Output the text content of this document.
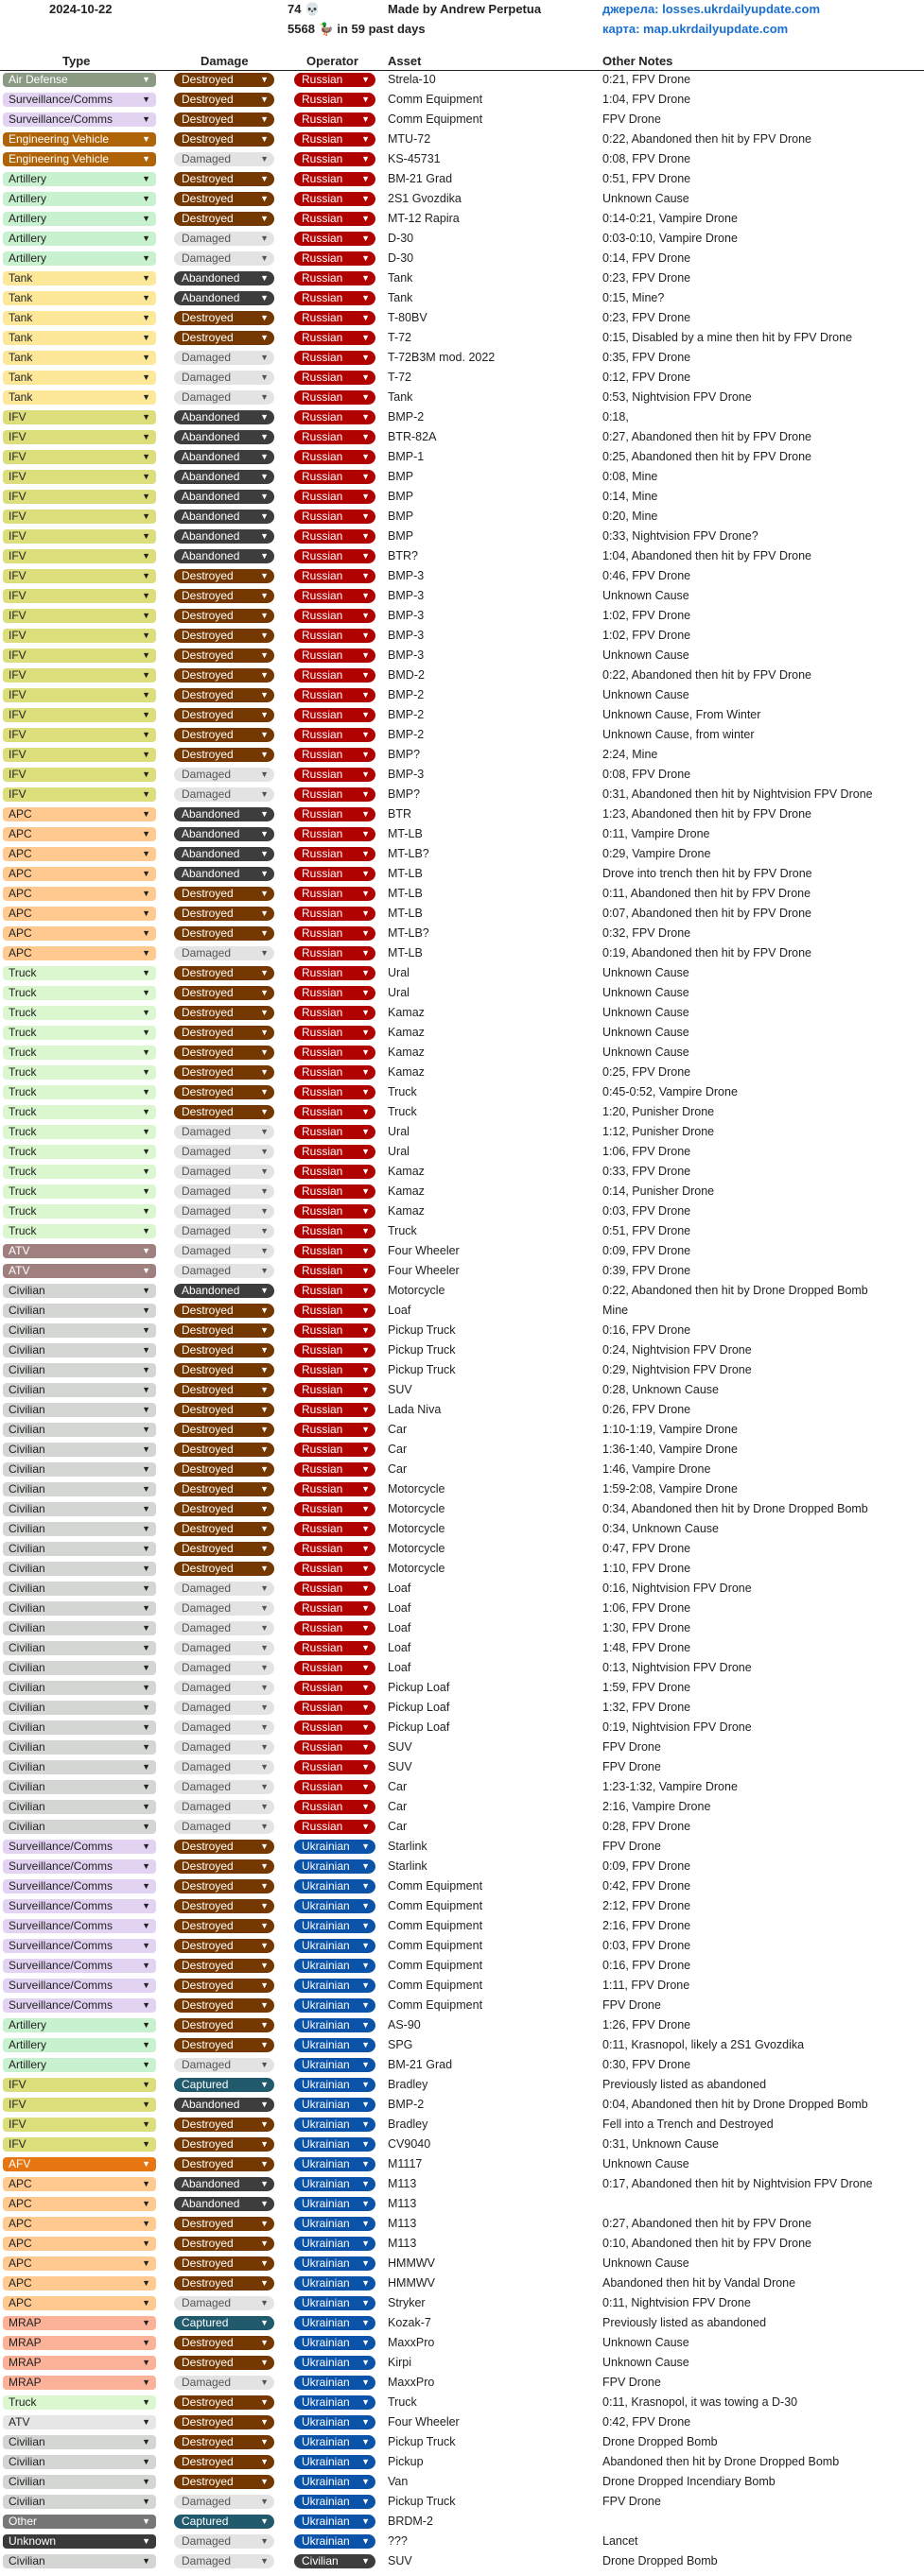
2024-10-22	74 💀
5568 🦆 in 59 past days
Made by Andrew Perpetua	джерела: losses.ukrdailyupdate.com
карта: map.ukrdailyupdate.com
Type	Damage	Operator Asset	Other Notes
Air Defense	▼	Destroyed	▼	Russian ▼ Strela-10	0:21, FPV Drone
Surveillance/Comms	▼	Destroyed	▼	Russian ▼ Comm Equipment	1:04, FPV Drone
Surveillance/Comms	▼	Destroyed	▼	Russian ▼ Comm Equipment	FPV Drone
Engineering Vehicle	▼	Destroyed	▼	Russian ▼ MTU-72	0:22, Abandoned then hit by FPV Drone
Engineering Vehicle	▼	Damaged	▼	Russian ▼ KS-45731	0:08, FPV Drone
Artillery	▼	Destroyed	▼	Russian ▼ BM-21 Grad	0:51, FPV Drone
Artillery	▼	Destroyed	▼	Russian ▼ 2S1 Gvozdika	Unknown Cause
Artillery	▼	Destroyed	▼	Russian ▼ MT-12 Rapira	0:14-0:21, Vampire Drone
Artillery	▼	Damaged	▼	Russian ▼ D-30	0:03-0:10, Vampire Drone
Artillery	▼	Damaged	▼	Russian ▼ D-30	0:14, FPV Drone
Tank	▼	Abandoned ▼	Russian ▼ Tank	0:23, FPV Drone
Tank	▼	Abandoned ▼	Russian ▼ Tank	0:15, Mine?
Tank	▼	Destroyed	▼	Russian ▼ T-80BV	0:23, FPV Drone
Tank	▼	Destroyed	▼	Russian ▼ T-72	0:15, Disabled by a mine then hit by FPV Drone
Tank	▼	Damaged	▼	Russian ▼ T-72B3M mod. 2022	0:35, FPV Drone
Tank	▼	Damaged	▼	Russian ▼ T-72	0:12, FPV Drone
Tank	▼	Damaged	▼	Russian ▼ Tank	0:53, Nightvision FPV Drone
IFV	▼	Abandoned ▼	Russian ▼ BMP-2	0:18,
IFV	▼	Abandoned ▼	Russian ▼ BTR-82A	0:27, Abandoned then hit by FPV Drone
IFV	▼	Abandoned ▼	Russian ▼ BMP-1	0:25, Abandoned then hit by FPV Drone
IFV	▼	Abandoned ▼	Russian ▼ BMP	0:08, Mine
IFV	▼	Abandoned ▼	Russian ▼ BMP	0:14, Mine
IFV	▼	Abandoned ▼	Russian ▼ BMP	0:20, Mine
IFV	▼	Abandoned ▼	Russian ▼ BMP	0:33, Nightvision FPV Drone?
IFV	▼	Abandoned ▼	Russian ▼ BTR?	1:04, Abandoned then hit by FPV Drone
IFV	▼	Destroyed	▼	Russian ▼ BMP-3	0:46, FPV Drone
IFV	▼	Destroyed	▼	Russian ▼ BMP-3	Unknown Cause
IFV	▼	Destroyed	▼	Russian ▼ BMP-3	1:02, FPV Drone
IFV	▼	Destroyed	▼	Russian ▼ BMP-3	1:02, FPV Drone
IFV	▼	Destroyed	▼	Russian ▼ BMP-3	Unknown Cause
IFV	▼	Destroyed	▼	Russian ▼ BMD-2	0:22, Abandoned then hit by FPV Drone
IFV	▼	Destroyed	▼	Russian ▼ BMP-2	Unknown Cause
IFV	▼	Destroyed	▼	Russian ▼ BMP-2	Unknown Cause, From Winter
IFV	▼	Destroyed	▼	Russian ▼ BMP-2	Unknown Cause, from winter
IFV	▼	Destroyed	▼	Russian ▼ BMP?	2:24, Mine
IFV	▼	Damaged	▼	Russian ▼ BMP-3	0:08, FPV Drone
IFV	▼	Damaged	▼	Russian ▼ BMP?	0:31, Abandoned then hit by Nightvision FPV Drone
APC	▼	Abandoned ▼	Russian ▼ BTR	1:23, Abandoned then hit by FPV Drone
APC	▼	Abandoned ▼	Russian ▼ MT-LB	0:11, Vampire Drone
APC	▼	Abandoned ▼	Russian ▼ MT-LB?	0:29, Vampire Drone
APC	▼	Abandoned ▼	Russian ▼ MT-LB	Drove into trench then hit by FPV Drone
APC	▼	Destroyed	▼	Russian ▼ MT-LB	0:11, Abandoned then hit by FPV Drone
APC	▼	Destroyed	▼	Russian ▼ MT-LB	0:07, Abandoned then hit by FPV Drone
APC	▼	Destroyed	▼	Russian ▼ MT-LB?	0:32, FPV Drone
APC	▼	Damaged	▼	Russian ▼ MT-LB	0:19, Abandoned then hit by FPV Drone
Truck	▼	Destroyed	▼	Russian ▼ Ural	Unknown Cause
Truck	▼	Destroyed	▼	Russian ▼ Ural	Unknown Cause
Truck	▼	Destroyed	▼	Russian ▼ Kamaz	Unknown Cause
Truck	▼	Destroyed	▼	Russian ▼ Kamaz	Unknown Cause
Truck	▼	Destroyed	▼	Russian ▼ Kamaz	Unknown Cause
Truck	▼	Destroyed	▼	Russian ▼ Kamaz	0:25, FPV Drone
Truck	▼	Destroyed	▼	Russian ▼ Truck	0:45-0:52, Vampire Drone
Truck	▼	Destroyed	▼	Russian ▼ Truck	1:20, Punisher Drone
Truck	▼	Damaged	▼	Russian ▼ Ural	1:12, Punisher Drone
Truck	▼	Damaged	▼	Russian ▼ Ural	1:06, FPV Drone
Truck	▼	Damaged	▼	Russian ▼ Kamaz	0:33, FPV Drone
Truck	▼	Damaged	▼	Russian ▼ Kamaz	0:14, Punisher Drone
Truck	▼	Damaged	▼	Russian ▼ Kamaz	0:03, FPV Drone
Truck	▼	Damaged	▼	Russian ▼ Truck	0:51, FPV Drone
ATV	▼	Damaged	▼	Russian ▼ Four Wheeler	0:09, FPV Drone
ATV	▼	Damaged	▼	Russian ▼ Four Wheeler	0:39, FPV Drone
Civilian	▼	Abandoned ▼	Russian ▼ Motorcycle	0:22, Abandoned then hit by Drone Dropped Bomb
Civilian	▼	Destroyed	▼	Russian ▼ Loaf	Mine
Civilian	▼	Destroyed	▼	Russian ▼ Pickup Truck	0:16, FPV Drone
Civilian	▼	Destroyed	▼	Russian ▼ Pickup Truck	0:24, Nightvision FPV Drone
Civilian	▼	Destroyed	▼	Russian ▼ Pickup Truck	0:29, Nightvision FPV Drone
Civilian	▼	Destroyed	▼	Russian ▼ SUV	0:28, Unknown Cause
Civilian	▼	Destroyed	▼	Russian ▼ Lada Niva	0:26, FPV Drone
Civilian	▼	Destroyed	▼	Russian ▼ Car	1:10-1:19, Vampire Drone
Civilian	▼	Destroyed	▼	Russian ▼ Car	1:36-1:40, Vampire Drone
Civilian	▼	Destroyed	▼	Russian ▼ Car	1:46, Vampire Drone
Civilian	▼	Destroyed	▼	Russian ▼ Motorcycle	1:59-2:08, Vampire Drone
Civilian	▼	Destroyed	▼	Russian ▼ Motorcycle	0:34, Abandoned then hit by Drone Dropped Bomb
Civilian	▼	Destroyed	▼	Russian ▼ Motorcycle	0:34, Unknown Cause
Civilian	▼	Destroyed	▼	Russian ▼ Motorcycle	0:47, FPV Drone
Civilian	▼	Destroyed	▼	Russian ▼ Motorcycle	1:10, FPV Drone
Civilian	▼	Damaged	▼	Russian ▼ Loaf	0:16, Nightvision FPV Drone
Civilian	▼	Damaged	▼	Russian ▼ Loaf	1:06, FPV Drone
Civilian	▼	Damaged	▼	Russian ▼ Loaf	1:30, FPV Drone
Civilian	▼	Damaged	▼	Russian ▼ Loaf	1:48, FPV Drone
Civilian	▼	Damaged	▼	Russian ▼ Loaf	0:13, Nightvision FPV Drone
Civilian	▼	Damaged	▼	Russian ▼ Pickup Loaf	1:59, FPV Drone
Civilian	▼	Damaged	▼	Russian ▼ Pickup Loaf	1:32, FPV Drone
Civilian	▼	Damaged	▼	Russian ▼ Pickup Loaf	0:19, Nightvision FPV Drone
Civilian	▼	Damaged	▼	Russian ▼ SUV	FPV Drone
Civilian	▼	Damaged	▼	Russian ▼ SUV	FPV Drone
Civilian	▼	Damaged	▼	Russian ▼ Car	1:23-1:32, Vampire Drone
Civilian	▼	Damaged	▼	Russian ▼ Car	2:16, Vampire Drone
Civilian	▼	Damaged	▼	Russian ▼ Car	0:28, FPV Drone
Surveillance/Comms	▼	Destroyed	▼	Ukrainian ▼ Starlink	FPV Drone
Surveillance/Comms	▼	Destroyed	▼	Ukrainian ▼ Starlink	0:09, FPV Drone
Surveillance/Comms	▼	Destroyed	▼	Ukrainian ▼ Comm Equipment	0:42, FPV Drone
Surveillance/Comms	▼	Destroyed	▼	Ukrainian ▼ Comm Equipment	2:12, FPV Drone
Surveillance/Comms	▼	Destroyed	▼	Ukrainian ▼ Comm Equipment	2:16, FPV Drone
Surveillance/Comms	▼	Destroyed	▼	Ukrainian ▼ Comm Equipment	0:03, FPV Drone
Surveillance/Comms	▼	Destroyed	▼	Ukrainian ▼ Comm Equipment	0:16, FPV Drone
Surveillance/Comms	▼	Destroyed	▼	Ukrainian ▼ Comm Equipment	1:11, FPV Drone
Surveillance/Comms	▼	Destroyed	▼	Ukrainian ▼ Comm Equipment	FPV Drone
Artillery	▼	Destroyed	▼	Ukrainian ▼ AS-90	1:26, FPV Drone
Artillery	▼	Destroyed	▼	Ukrainian ▼ SPG	0:11, Krasnopol, likely a 2S1 Gvozdika
Artillery	▼	Damaged	▼	Ukrainian ▼ BM-21 Grad	0:30, FPV Drone
IFV	▼	Captured	▼	Ukrainian ▼ Bradley	Previously listed as abandoned
IFV	▼	Abandoned ▼	Ukrainian ▼ BMP-2	0:04, Abandoned then hit by Drone Dropped Bomb
IFV	▼	Destroyed	▼	Ukrainian ▼ Bradley	Fell into a Trench and Destroyed
IFV	▼	Destroyed	▼	Ukrainian ▼ CV9040	0:31, Unknown Cause
AFV	▼	Destroyed	▼	Ukrainian ▼ M1117	Unknown Cause
APC	▼	Abandoned ▼	Ukrainian ▼ M113	0:17, Abandoned then hit by Nightvision FPV Drone
APC	▼	Abandoned ▼	Ukrainian ▼ M113
APC	▼	Destroyed	▼	Ukrainian ▼ M113	0:27, Abandoned then hit by FPV Drone
APC	▼	Destroyed	▼	Ukrainian ▼ M113	0:10, Abandoned then hit by FPV Drone
APC	▼	Destroyed	▼	Ukrainian ▼ HMMWV	Unknown Cause
APC	▼	Destroyed	▼	Ukrainian ▼ HMMWV	Abandoned then hit by Vandal Drone
APC	▼	Damaged	▼	Ukrainian ▼ Stryker	0:11, Nightvision FPV Drone
MRAP	▼	Captured	▼	Ukrainian ▼ Kozak-7	Previously listed as abandoned
MRAP	▼	Destroyed	▼	Ukrainian ▼ MaxxPro	Unknown Cause
MRAP	▼	Destroyed	▼	Ukrainian ▼ Kirpi	Unknown Cause
MRAP	▼	Damaged	▼	Ukrainian ▼ MaxxPro	FPV Drone
Truck	▼	Destroyed	▼	Ukrainian ▼ Truck	0:11, Krasnopol, it was towing a D-30
ATV	▼	Destroyed	▼	Ukrainian ▼ Four Wheeler	0:42, FPV Drone
Civilian	▼	Destroyed	▼	Ukrainian ▼ Pickup Truck	Drone Dropped Bomb
Civilian	▼	Destroyed	▼	Ukrainian ▼ Pickup	Abandoned then hit by Drone Dropped Bomb
Civilian	▼	Destroyed	▼	Ukrainian ▼ Van	Drone Dropped Incendiary Bomb
Civilian	▼	Damaged	▼	Ukrainian ▼ Pickup Truck	FPV Drone
Other	▼	Captured	▼	Ukrainian ▼ BRDM-2
Unknown	▼	Damaged	▼	Ukrainian ▼ ???	Lancet
Civilian	▼	Damaged	▼	Civilian	▼ SUV	Drone Dropped Bomb
